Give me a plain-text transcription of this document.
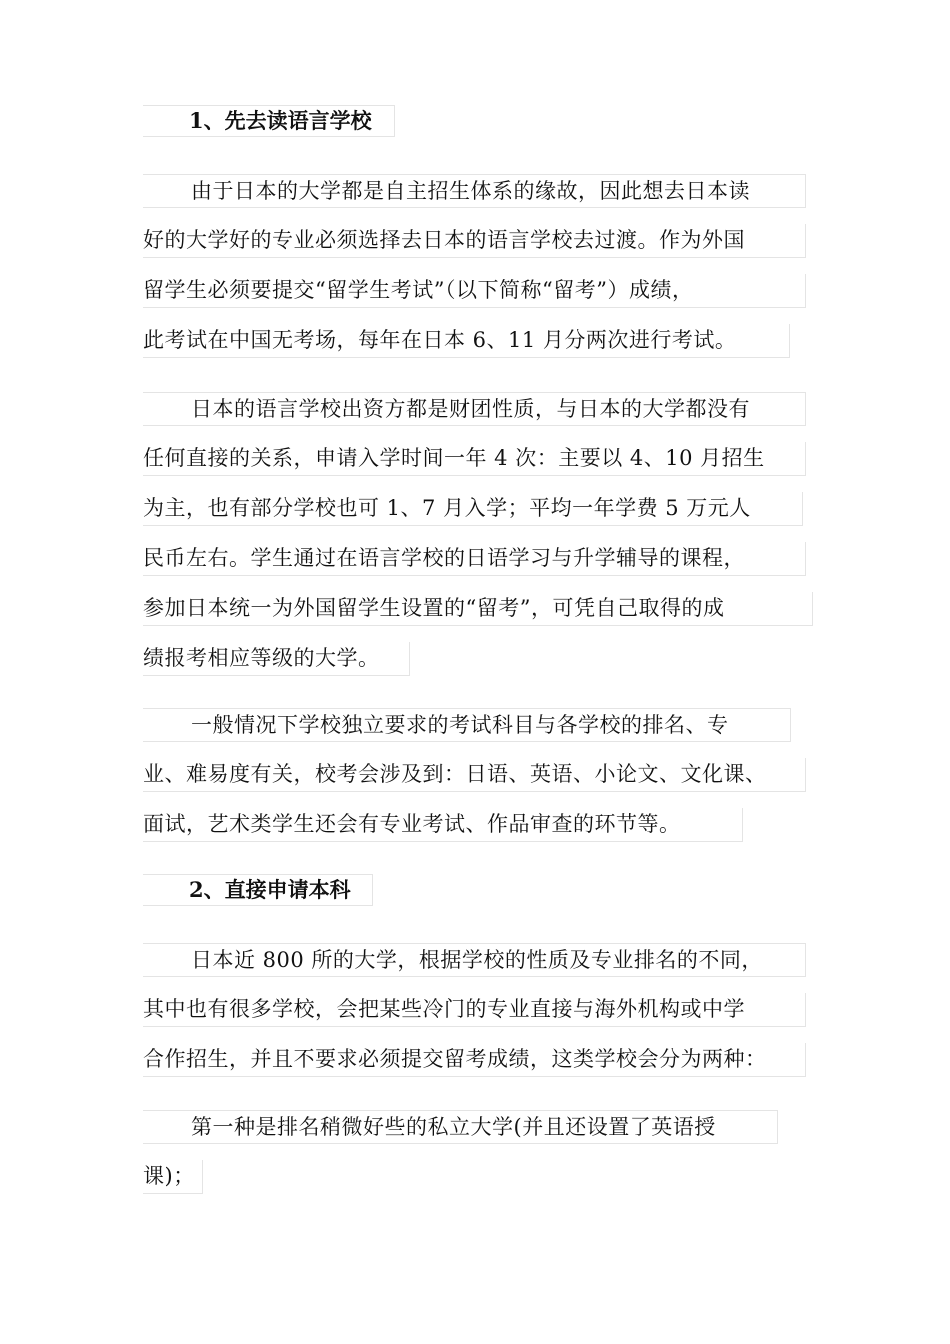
1、先去读语言学校
由于日本的大学都是自主招生体系的缘故，因此想去日本读
好的大学好的专业必须选择去日本的语言学校去过渡。作为外国
留学生必须要提交“留学生考试”（以下简称“留考”）成绩，
此考试在中国无考场，每年在日本 6、11 月分两次进行考试。
日本的语言学校出资方都是财团性质，与日本的大学都没有
任何直接的关系，申请入学时间一年 4 次：主要以 4、10 月招生
为主，也有部分学校也可 1、7 月入学；平均一年学费 5 万元人
民币左右。学生通过在语言学校的日语学习与升学辅导的课程，
参加日本统一为外国留学生设置的“留考”，可凭自己取得的成
绩报考相应等级的大学。
一般情况下学校独立要求的考试科目与各学校的排名、专
业、难易度有关，校考会涉及到：日语、英语、小论文、文化课、
面试，艺术类学生还会有专业考试、作品审查的环节等。
2、直接申请本科
日本近 800 所的大学，根据学校的性质及专业排名的不同，
其中也有很多学校，会把某些冷门的专业直接与海外机构或中学
合作招生，并且不要求必须提交留考成绩，这类学校会分为两种：
第一种是排名稍微好些的私立大学(并且还设置了英语授
课)；
